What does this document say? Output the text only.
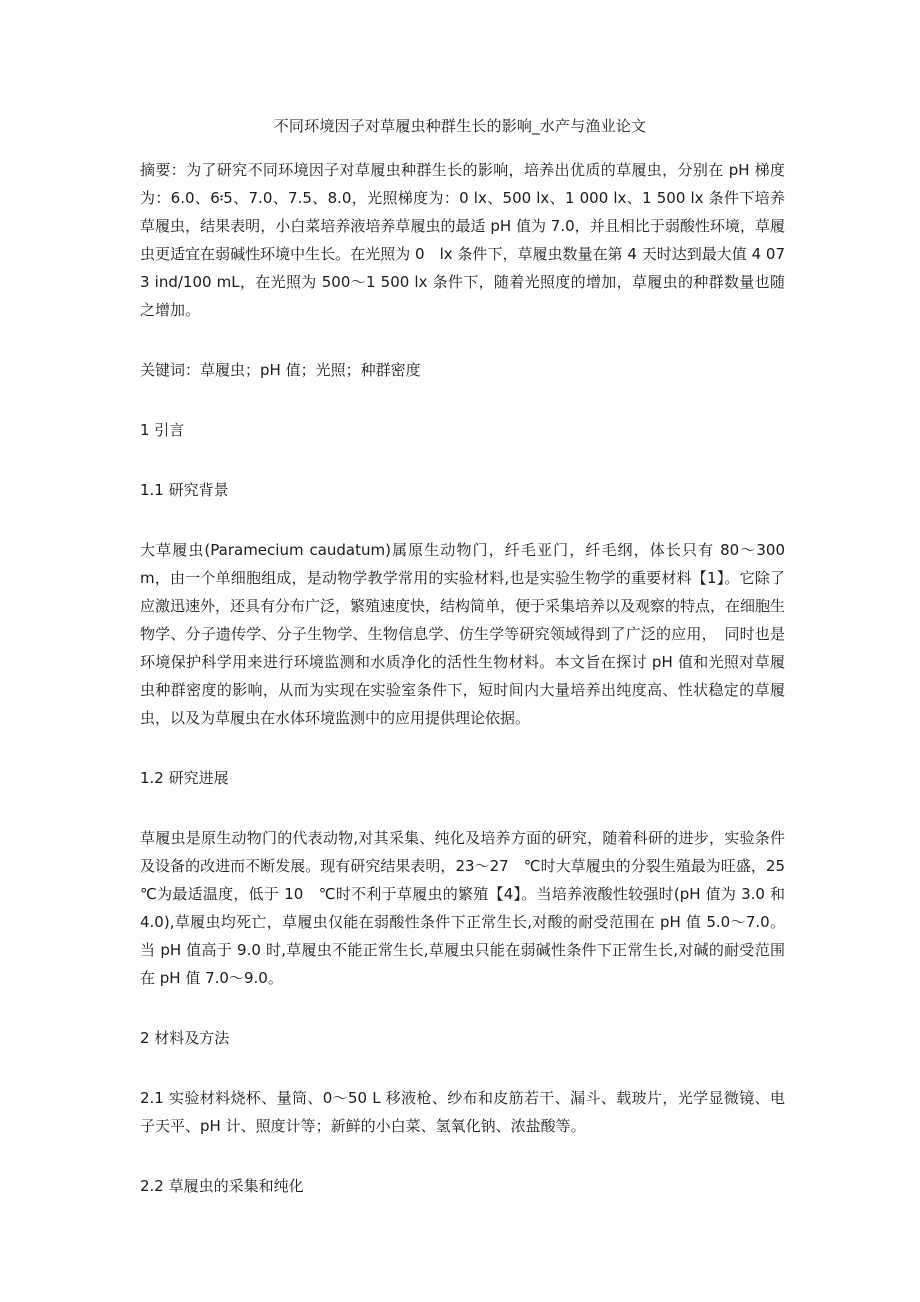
不同环境因子对草履虫种群生长的影响_水产与渔业论文

摘要：为了研究不同环境因子对草履虫种群生长的影响，培养出优质的草履虫，分别在 pH 梯度为：6.0、6፡5、7.0、7.5、8.0，光照梯度为：0 lx、500 lx、1 000 lx、1 500 lx 条件下培养草履虫，结果表明，小白菜培养液培养草履虫的最适 pH 值为 7.0，并且相比于弱酸性环境，草履虫更适宜在弱碱性环境中生长。在光照为 0　lx 条件下，草履虫数量在第 4 天时达到最大值 4 073 ind/100 mL，在光照为 500～1 500 lx 条件下，随着光照度的增加，草履虫的种群数量也随之增加。

关键词：草履虫；pH 值；光照；种群密度

1 引言

1.1 研究背景

大草履虫(Paramecium caudatum)属原生动物门，纤毛亚门，纤毛纲，体长只有 80～300 m，由一个单细胞组成，是动物学教学常用的实验材料,也是实验生物学的重要材料【1】。它除了应激迅速外，还具有分布广泛，繁殖速度快，结构简单，便于采集培养以及观察的特点，在细胞生物学、分子遗传学、分子生物学、生物信息学、仿生学等研究领域得到了广泛的应用，　同时也是环境保护科学用来进行环境监测和水质净化的活性生物材料。本文旨在探讨 pH 值和光照对草履虫种群密度的影响，从而为实现在实验室条件下，短时间内大量培养出纯度高、性状稳定的草履虫，以及为草履虫在水体环境监测中的应用提供理论依据。

1.2 研究进展

草履虫是原生动物门的代表动物,对其采集、纯化及培养方面的研究，随着科研的进步，实验条件及设备的改进而不断发展。现有研究结果表明，23～27　℃时大草履虫的分裂生殖最为旺盛，25　℃为最适温度，低于 10　℃时不利于草履虫的繁殖【4】。当培养液酸性较强时(pH 值为 3.0 和 4.0),草履虫均死亡，草履虫仅能在弱酸性条件下正常生长,对酸的耐受范围在 pH 值 5.0～7.0。当 pH 值高于 9.0 时,草履虫不能正常生长,草履虫只能在弱碱性条件下正常生长,对碱的耐受范围在 pH 值 7.0～9.0。

2 材料及方法

2.1 实验材料烧杯、量筒、0～50 L 移液枪、纱布和皮筋若干、漏斗、载玻片，光学显微镜、电子天平、pH 计、照度计等；新鲜的小白菜、氢氧化钠、浓盐酸等。

2.2 草履虫的采集和纯化
